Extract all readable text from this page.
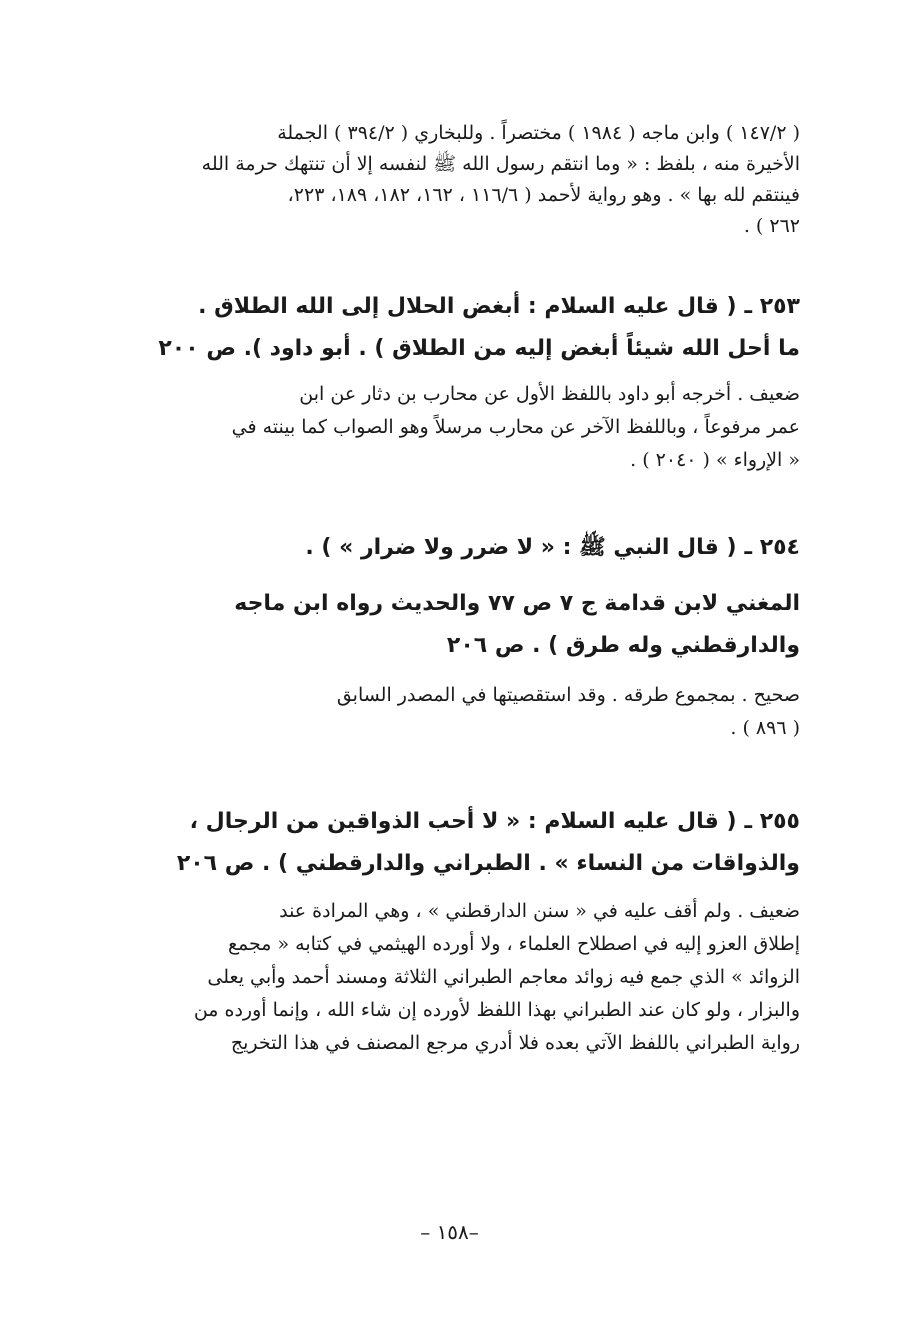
( ١٤٧/٢ ) وابن ماجه ( ١٩٨٤ ) مختصراً . وللبخاري ( ٣٩٤/٢ ) الجملة
الأخيرة منه ، بلفظ : « وما انتقم رسول الله ﷺ لنفسه إلا أن تنتهك حرمة الله
فينتقم لله بها » . وهو رواية لأحمد ( ١١٦/٦ ، ١٦٢، ١٨٢، ١٨٩، ٢٢٣،
٢٦٢ ) .
٢٥٣ ـ( قال عليه السلام : أبغض الحلال إلى الله الطلاق .
ما أحل الله شيئاً أبغض إليه من الطلاق ) . أبو داود ). ص ٢٠٠
ضعيف . أخرجه أبو داود باللفظ الأول عن محارب بن دثار عن ابن
عمر مرفوعاً ، وباللفظ الآخر عن محارب مرسلاً وهو الصواب كما بينته في
« الإرواء » ( ٢٠٤٠ ) .
٢٥٤ ـ( قال النبي ﷺ : « لا ضرر ولا ضرار » ) .
المغني لابن قدامة ج ٧ ص ٧٧ والحديث رواه ابن ماجه
والدارقطني وله طرق ) . ص ٢٠٦
صحيح . بمجموع طرقه . وقد استقصيتها في المصدر السابق
( ٨٩٦ ) .
٢٥٥ ـ( قال عليه السلام : « لا أحب الذواقين من الرجال ،
والذواقات من النساء » . الطبراني والدارقطني ) . ص ٢٠٦
ضعيف . ولم أقف عليه في « سنن الدارقطني » ، وهي المرادة عند
إطلاق العزو إليه في اصطلاح العلماء ، ولا أورده الهيثمي في كتابه « مجمع
الزوائد » الذي جمع فيه زوائد معاجم الطبراني الثلاثة ومسند أحمد وأبي يعلى
والبزار ، ولو كان عند الطبراني بهذا اللفظ لأورده إن شاء الله ، وإنما أورده من
رواية الطبراني باللفظ الآتي بعده فلا أدري مرجع المصنف في هذا التخريج
–١٥٨ –
